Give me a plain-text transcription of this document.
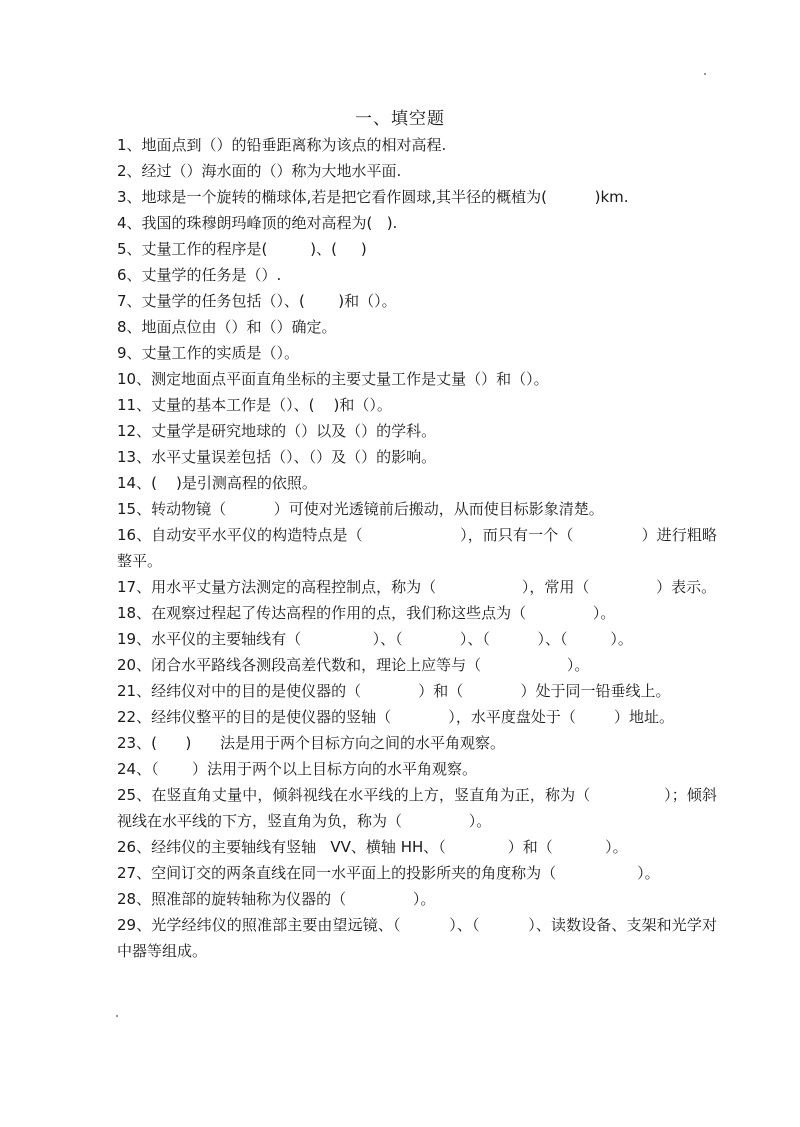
一、填空题
1、地面点到（）的铅垂距离称为该点的相对高程.
2、经过（）海水面的（）称为大地水平面.
3、地球是一个旋转的椭球体,若是把它看作圆球,其半径的概植为(          )km.
4、我国的珠穆朗玛峰顶的绝对高程为(   ).
5、丈量工作的程序是(         )、(     )
6、丈量学的任务是（）.
7、丈量学的任务包括（）、(       )和（）。
8、地面点位由（）和（）确定。
9、丈量工作的实质是（）。
10、测定地面点平面直角坐标的主要丈量工作是丈量（）和（）。
11、丈量的基本工作是（）、(    )和（）。
12、丈量学是研究地球的（）以及（）的学科。
13、水平丈量误差包括（）、（）及（）的影响。
14、(    )是引测高程的依照。
15、转动物镜（          ）可使对光透镜前后搬动，从而使目标影象清楚。
16、自动安平水平仪的构造特点是（                    ），而只有一个（              ）进行粗略整平。
17、用水平丈量方法测定的高程控制点，称为（                  ），常用（              ）表示。
18、在观察过程起了传达高程的作用的点，我们称这些点为（              ）。
19、水平仪的主要轴线有（               ）、（            ）、（          ）、（         ）。
20、闭合水平路线各测段高差代数和，理论上应等与（                  ）。
21、经纬仪对中的目的是使仪器的（            ）和（            ）处于同一铅垂线上。
22、经纬仪整平的目的是使仪器的竖轴（            ），水平度盘处于（        ）地址。
23、(      )      法是用于两个目标方向之间的水平角观察。
24、（       ）法用于两个以上目标方向的水平角观察。
25、在竖直角丈量中，倾斜视线在水平线的上方，竖直角为正，称为（               ）；倾斜视线在水平线的下方，竖直角为负，称为（              ）。
26、经纬仪的主要轴线有竖轴   VV、横轴 HH、（             ）和（           ）。
27、空间订交的两条直线在同一水平面上的投影所夹的角度称为（                 ）。
28、照准部的旋转轴称为仪器的（              ）。
29、光学经纬仪的照准部主要由望远镜、（          ）、（          ）、读数设备、支架和光学对中器等组成。
